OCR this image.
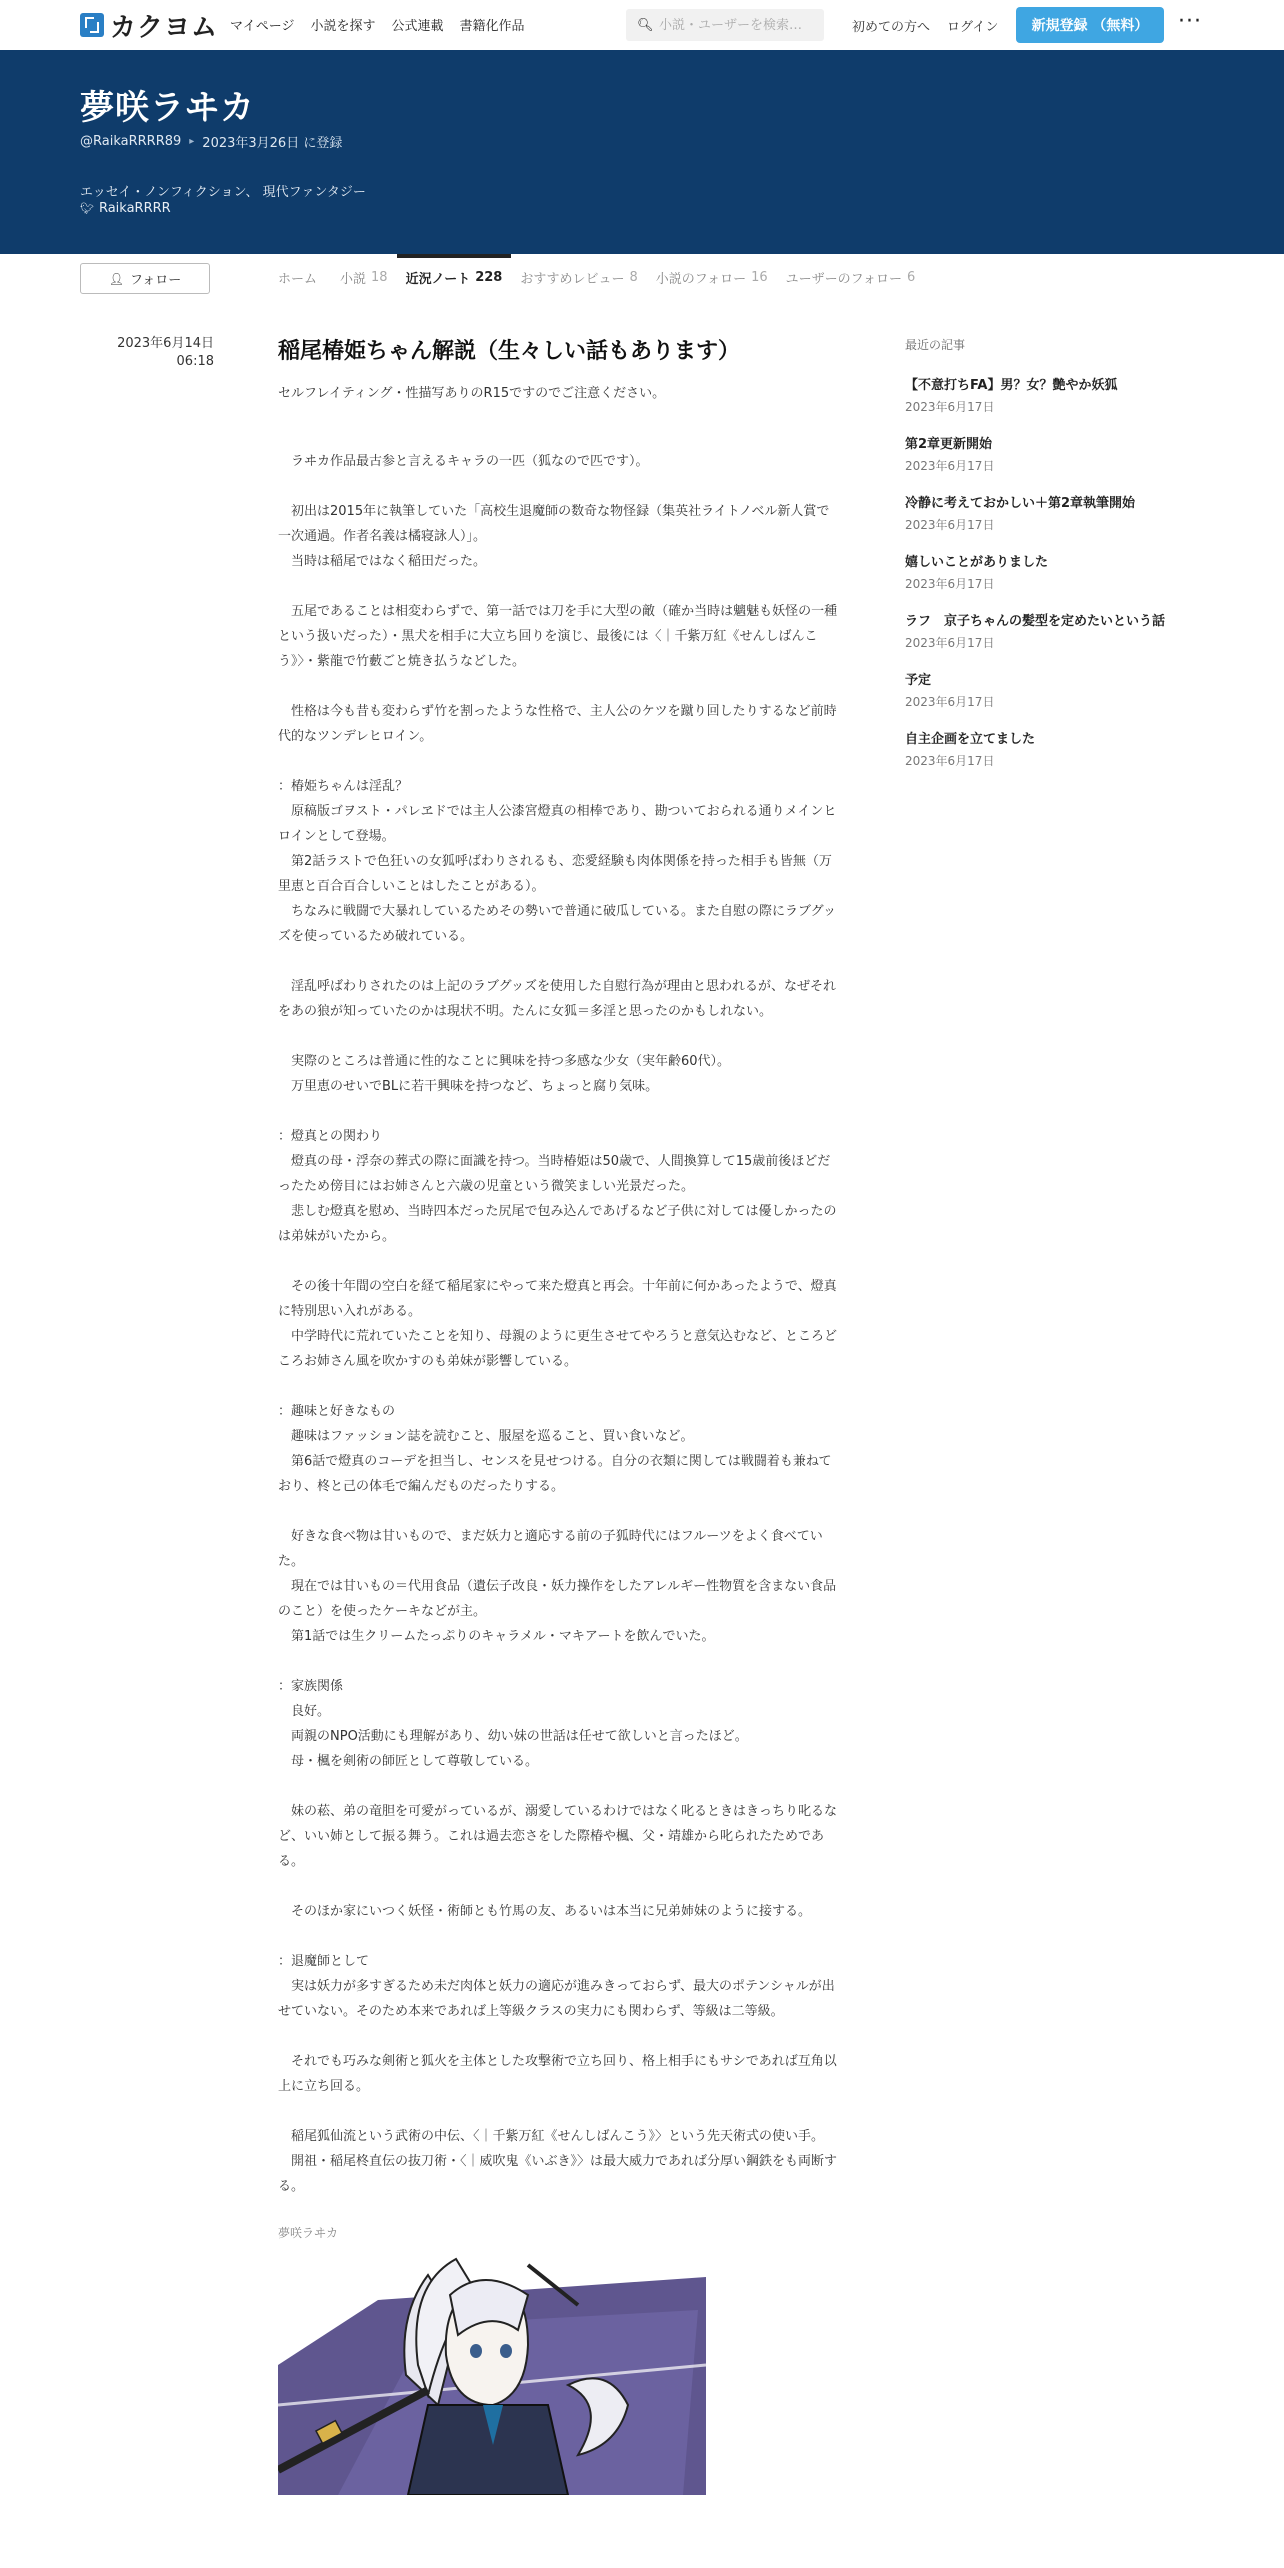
カクヨム マイページ 小説を探す 公式連載 書籍化作品	🔍︎
小説・ユーザーを検索…	初めての方へ ログイン	新規登録 （無料）	···
夢咲ラヰカ
@RaikaRRRR89 ▸ 2023年3月26日 に登録
エッセイ・ノンフィクション、 現代ファンタジー
🐦︎ RaikaRRRR
👤︎ フォロー	ホーム 小説 18 近況ノート 228 おすすめレビュー 8 小説のフォロー 16 ユーザーのフォロー 6
2023年6月14日
06:18	稲尾椿姫ちゃん解説（生々しい話もあります）
セルフレイティング・性描写ありのR15ですのでご注意ください。

　ラヰカ作品最古参と言えるキャラの一匹（狐なので匹です）。

　初出は2015年に執筆していた「高校生退魔師の数奇な物怪録（集英社ライトノベル新人賞で一次通過。作者名義は橘寝詠人）」。
　当時は稲尾ではなく稲田だった。

　五尾であることは相変わらずで、第一話では刀を手に大型の敵（確か当時は魑魅も妖怪の一種という扱いだった）・黒犬を相手に大立ち回りを演じ、最後には〈｜千紫万紅《せんしばんこう》〉・紫龍で竹藪ごと焼き払うなどした。

　性格は今も昔も変わらず竹を割ったような性格で、主人公のケツを蹴り回したりするなど前時代的なツンデレヒロイン。

：椿姫ちゃんは淫乱？
　原稿版ゴヲスト・パレヱドでは主人公漆宮燈真の相棒であり、勘ついておられる通りメインヒロインとして登場。
　第2話ラストで色狂いの女狐呼ばわりされるも、恋愛経験も肉体関係を持った相手も皆無（万里恵と百合百合しいことはしたことがある）。
　ちなみに戦闘で大暴れしているためその勢いで普通に破瓜している。また自慰の際にラブグッズを使っているため破れている。

　淫乱呼ばわりされたのは上記のラブグッズを使用した自慰行為が理由と思われるが、なぜそれをあの狼が知っていたのかは現状不明。たんに女狐＝多淫と思ったのかもしれない。

　実際のところは普通に性的なことに興味を持つ多感な少女（実年齢60代）。
　万里恵のせいでBLに若干興味を持つなど、ちょっと腐り気味。

：燈真との関わり
　燈真の母・浮奈の葬式の際に面識を持つ。当時椿姫は50歳で、人間換算して15歳前後ほどだったため傍目にはお姉さんと六歳の児童という微笑ましい光景だった。
　悲しむ燈真を慰め、当時四本だった尻尾で包み込んであげるなど子供に対しては優しかったのは弟妹がいたから。

　その後十年間の空白を経て稲尾家にやって来た燈真と再会。十年前に何かあったようで、燈真に特別思い入れがある。
　中学時代に荒れていたことを知り、母親のように更生させてやろうと意気込むなど、ところどころお姉さん風を吹かすのも弟妹が影響している。

：趣味と好きなもの
　趣味はファッション誌を読むこと、服屋を巡ること、買い食いなど。
　第6話で燈真のコーデを担当し、センスを見せつける。自分の衣類に関しては戦闘着も兼ねており、柊と己の体毛で編んだものだったりする。

　好きな食べ物は甘いもので、まだ妖力と適応する前の子狐時代にはフルーツをよく食べていた。
　現在では甘いもの＝代用食品（遺伝子改良・妖力操作をしたアレルギー性物質を含まない食品のこと）を使ったケーキなどが主。
　第1話では生クリームたっぷりのキャラメル・マキアートを飲んでいた。

：家族関係
　良好。
　両親のNPO活動にも理解があり、幼い妹の世話は任せて欲しいと言ったほど。
　母・楓を剣術の師匠として尊敬している。

　妹の菘、弟の竜胆を可愛がっているが、溺愛しているわけではなく叱るときはきっちり叱るなど、いい姉として振る舞う。これは過去恋さをした際椿や楓、父・靖雄から叱られたためである。

　そのほか家にいつく妖怪・術師とも竹馬の友、あるいは本当に兄弟姉妹のように接する。

：退魔師として
　実は妖力が多すぎるため未だ肉体と妖力の適応が進みきっておらず、最大のポテンシャルが出せていない。そのため本来であれば上等級クラスの実力にも関わらず、等級は二等級。

　それでも巧みな剣術と狐火を主体とした攻撃術で立ち回り、格上相手にもサシであれば互角以上に立ち回る。

　稲尾狐仙流という武術の中伝、〈｜千紫万紅《せんしばんこう》〉という先天術式の使い手。
　開祖・稲尾柊直伝の抜刀術・〈｜威吹鬼《いぶき》〉は最大威力であれば分厚い鋼鉄をも両断する。

夢咲ラヰカ
最近の記事
【不意打ちFA】男？女？艶やか妖狐
2023年6月17日
第2章更新開始
2023年6月17日
冷静に考えておかしい＋第2章執筆開始
2023年6月17日
嬉しいことがありました
2023年6月17日
ラフ　京子ちゃんの髪型を定めたいという話
2023年6月17日
予定
2023年6月17日
自主企画を立てました
2023年6月17日
